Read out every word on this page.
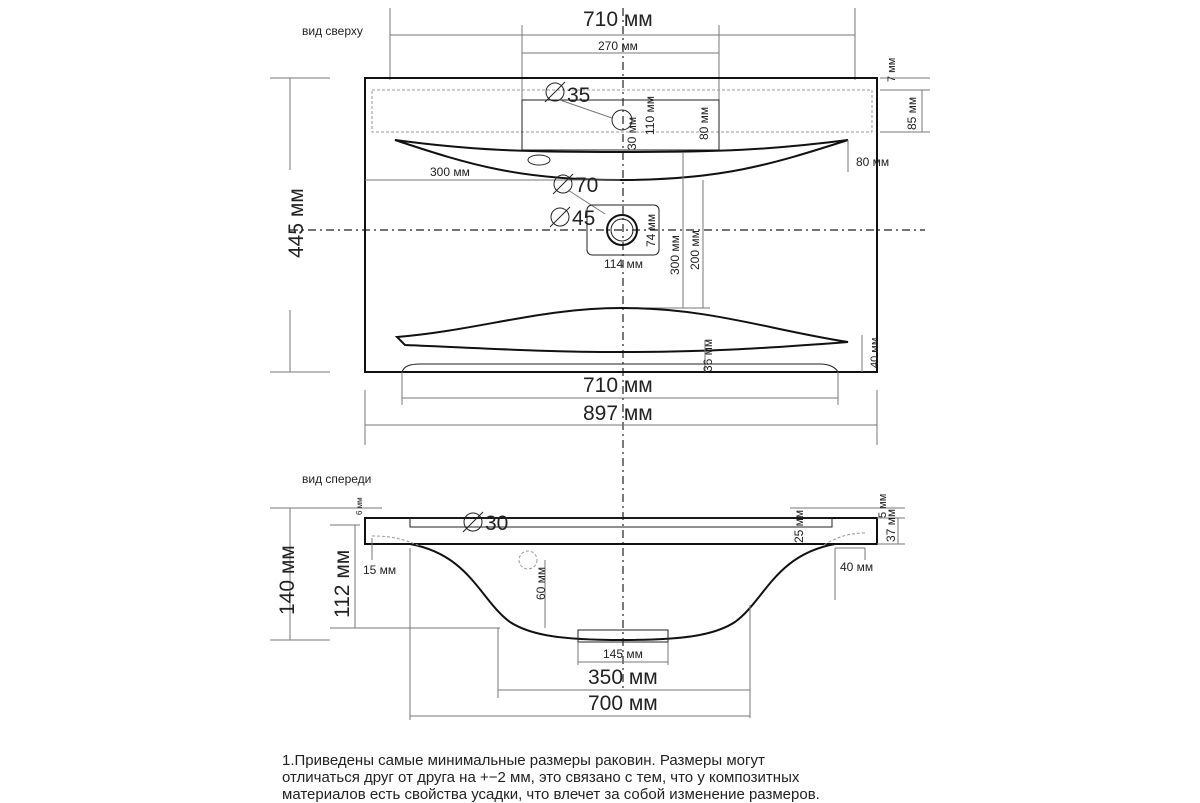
вид сверху	710 мм
270 мм
35
110 мм
30 мм	80 мм
7 мм
85 мм
80 мм
300 мм
70
45	74 мм
114 мм 300 мм 200 мм
445 мм
36 мм	40 мм
710 мм
897 мм
вид спереди
30
6 мм	5 мм
25 мм	37 мм
140 мм 112 мм 15 мм	60 мм	40 мм
145 мм
350 мм
700 мм
1.Приведены самые минимальные размеры раковин. Размеры могут
отличаться друг от друга на +−2 мм, это связано с тем, что у композитных
материалов есть свойства усадки, что влечет за собой изменение размеров.
